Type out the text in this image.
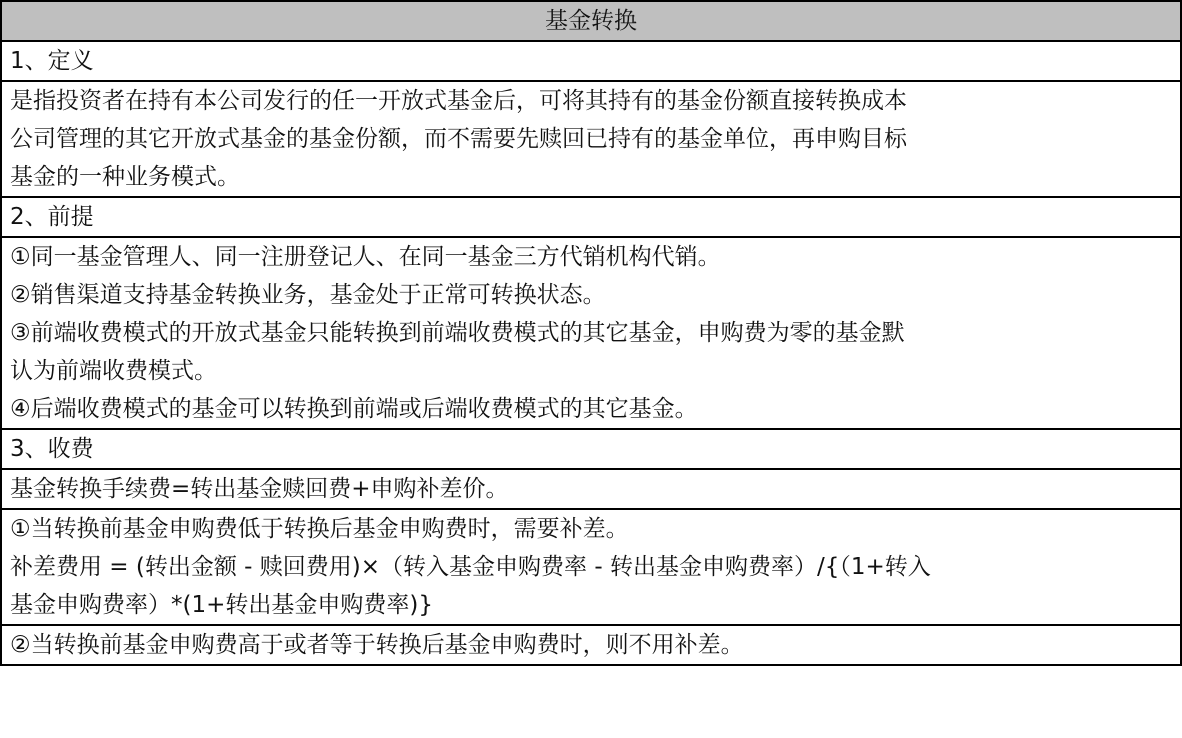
基金转换
1、定义
是指投资者在持有本公司发行的任一开放式基金后，可将其持有的基金份额直接转换成本
公司管理的其它开放式基金的基金份额，而不需要先赎回已持有的基金单位，再申购目标
基金的一种业务模式。
2、前提
①同一基金管理人、同一注册登记人、在同一基金三方代销机构代销。
②销售渠道支持基金转换业务，基金处于正常可转换状态。
③前端收费模式的开放式基金只能转换到前端收费模式的其它基金，申购费为零的基金默
认为前端收费模式。
④后端收费模式的基金可以转换到前端或后端收费模式的其它基金。
3、收费
基金转换手续费=转出基金赎回费+申购补差价。
①当转换前基金申购费低于转换后基金申购费时，需要补差。
补差费用 = (转出金额 - 赎回费用)×（转入基金申购费率 - 转出基金申购费率）/{（1+转入
基金申购费率）*(1+转出基金申购费率)}
②当转换前基金申购费高于或者等于转换后基金申购费时，则不用补差。
